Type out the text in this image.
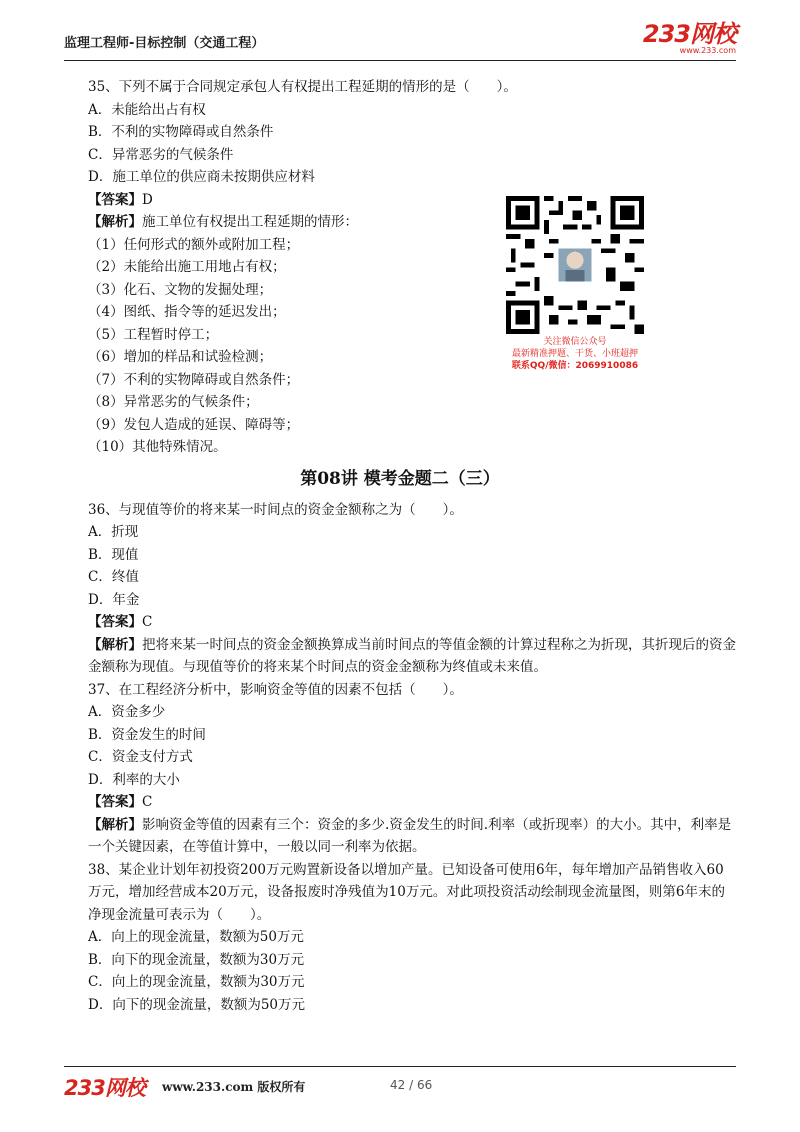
监理工程师-目标控制（交通工程）	233网校
www.233.com
35、下列不属于合同规定承包人有权提出工程延期的情形的是（　　）。
A．未能给出占有权
B．不利的实物障碍或自然条件
C．异常恶劣的气候条件
D．施工单位的供应商未按期供应材料
【答案】D
【解析】施工单位有权提出工程延期的情形：
（1）任何形式的额外或附加工程；
（2）未能给出施工用地占有权；
（3）化石、文物的发掘处理；
（4）图纸、指令等的延迟发出；
（5）工程暂时停工；
（6）增加的样品和试验检测；
（7）不利的实物障碍或自然条件；
（8）异常恶劣的气候条件；
（9）发包人造成的延误、障碍等；
（10）其他特殊情况。
第08讲 模考金题二（三）
36、与现值等价的将来某一时间点的资金金额称之为（　　）。
A．折现
B．现值
C．终值
D．年金
【答案】C
【解析】把将来某一时间点的资金金额换算成当前时间点的等值金额的计算过程称之为折现，其折现后的资金金额称为现值。与现值等价的将来某个时间点的资金金额称为终值或未来值。
37、在工程经济分析中，影响资金等值的因素不包括（　　）。
A．资金多少
B．资金发生的时间
C．资金支付方式
D．利率的大小
【答案】C
【解析】影响资金等值的因素有三个：资金的多少.资金发生的时间.利率（或折现率）的大小。其中，利率是一个关键因素，在等值计算中，一般以同一利率为依据。
38、某企业计划年初投资200万元购置新设备以增加产量。已知设备可使用6年，每年增加产品销售收入60万元，增加经营成本20万元，设备报废时净残值为10万元。对此项投资活动绘制现金流量图，则第6年末的净现金流量可表示为（　　）。
A．向上的现金流量，数额为50万元
B．向下的现金流量，数额为30万元
C．向上的现金流量，数额为30万元
D．向下的现金流量，数额为50万元
关注微信公众号
最新精准押题、干货、小班超押
联系QQ/微信：2069910086
233网校 www.233.com 版权所有	42 / 66
